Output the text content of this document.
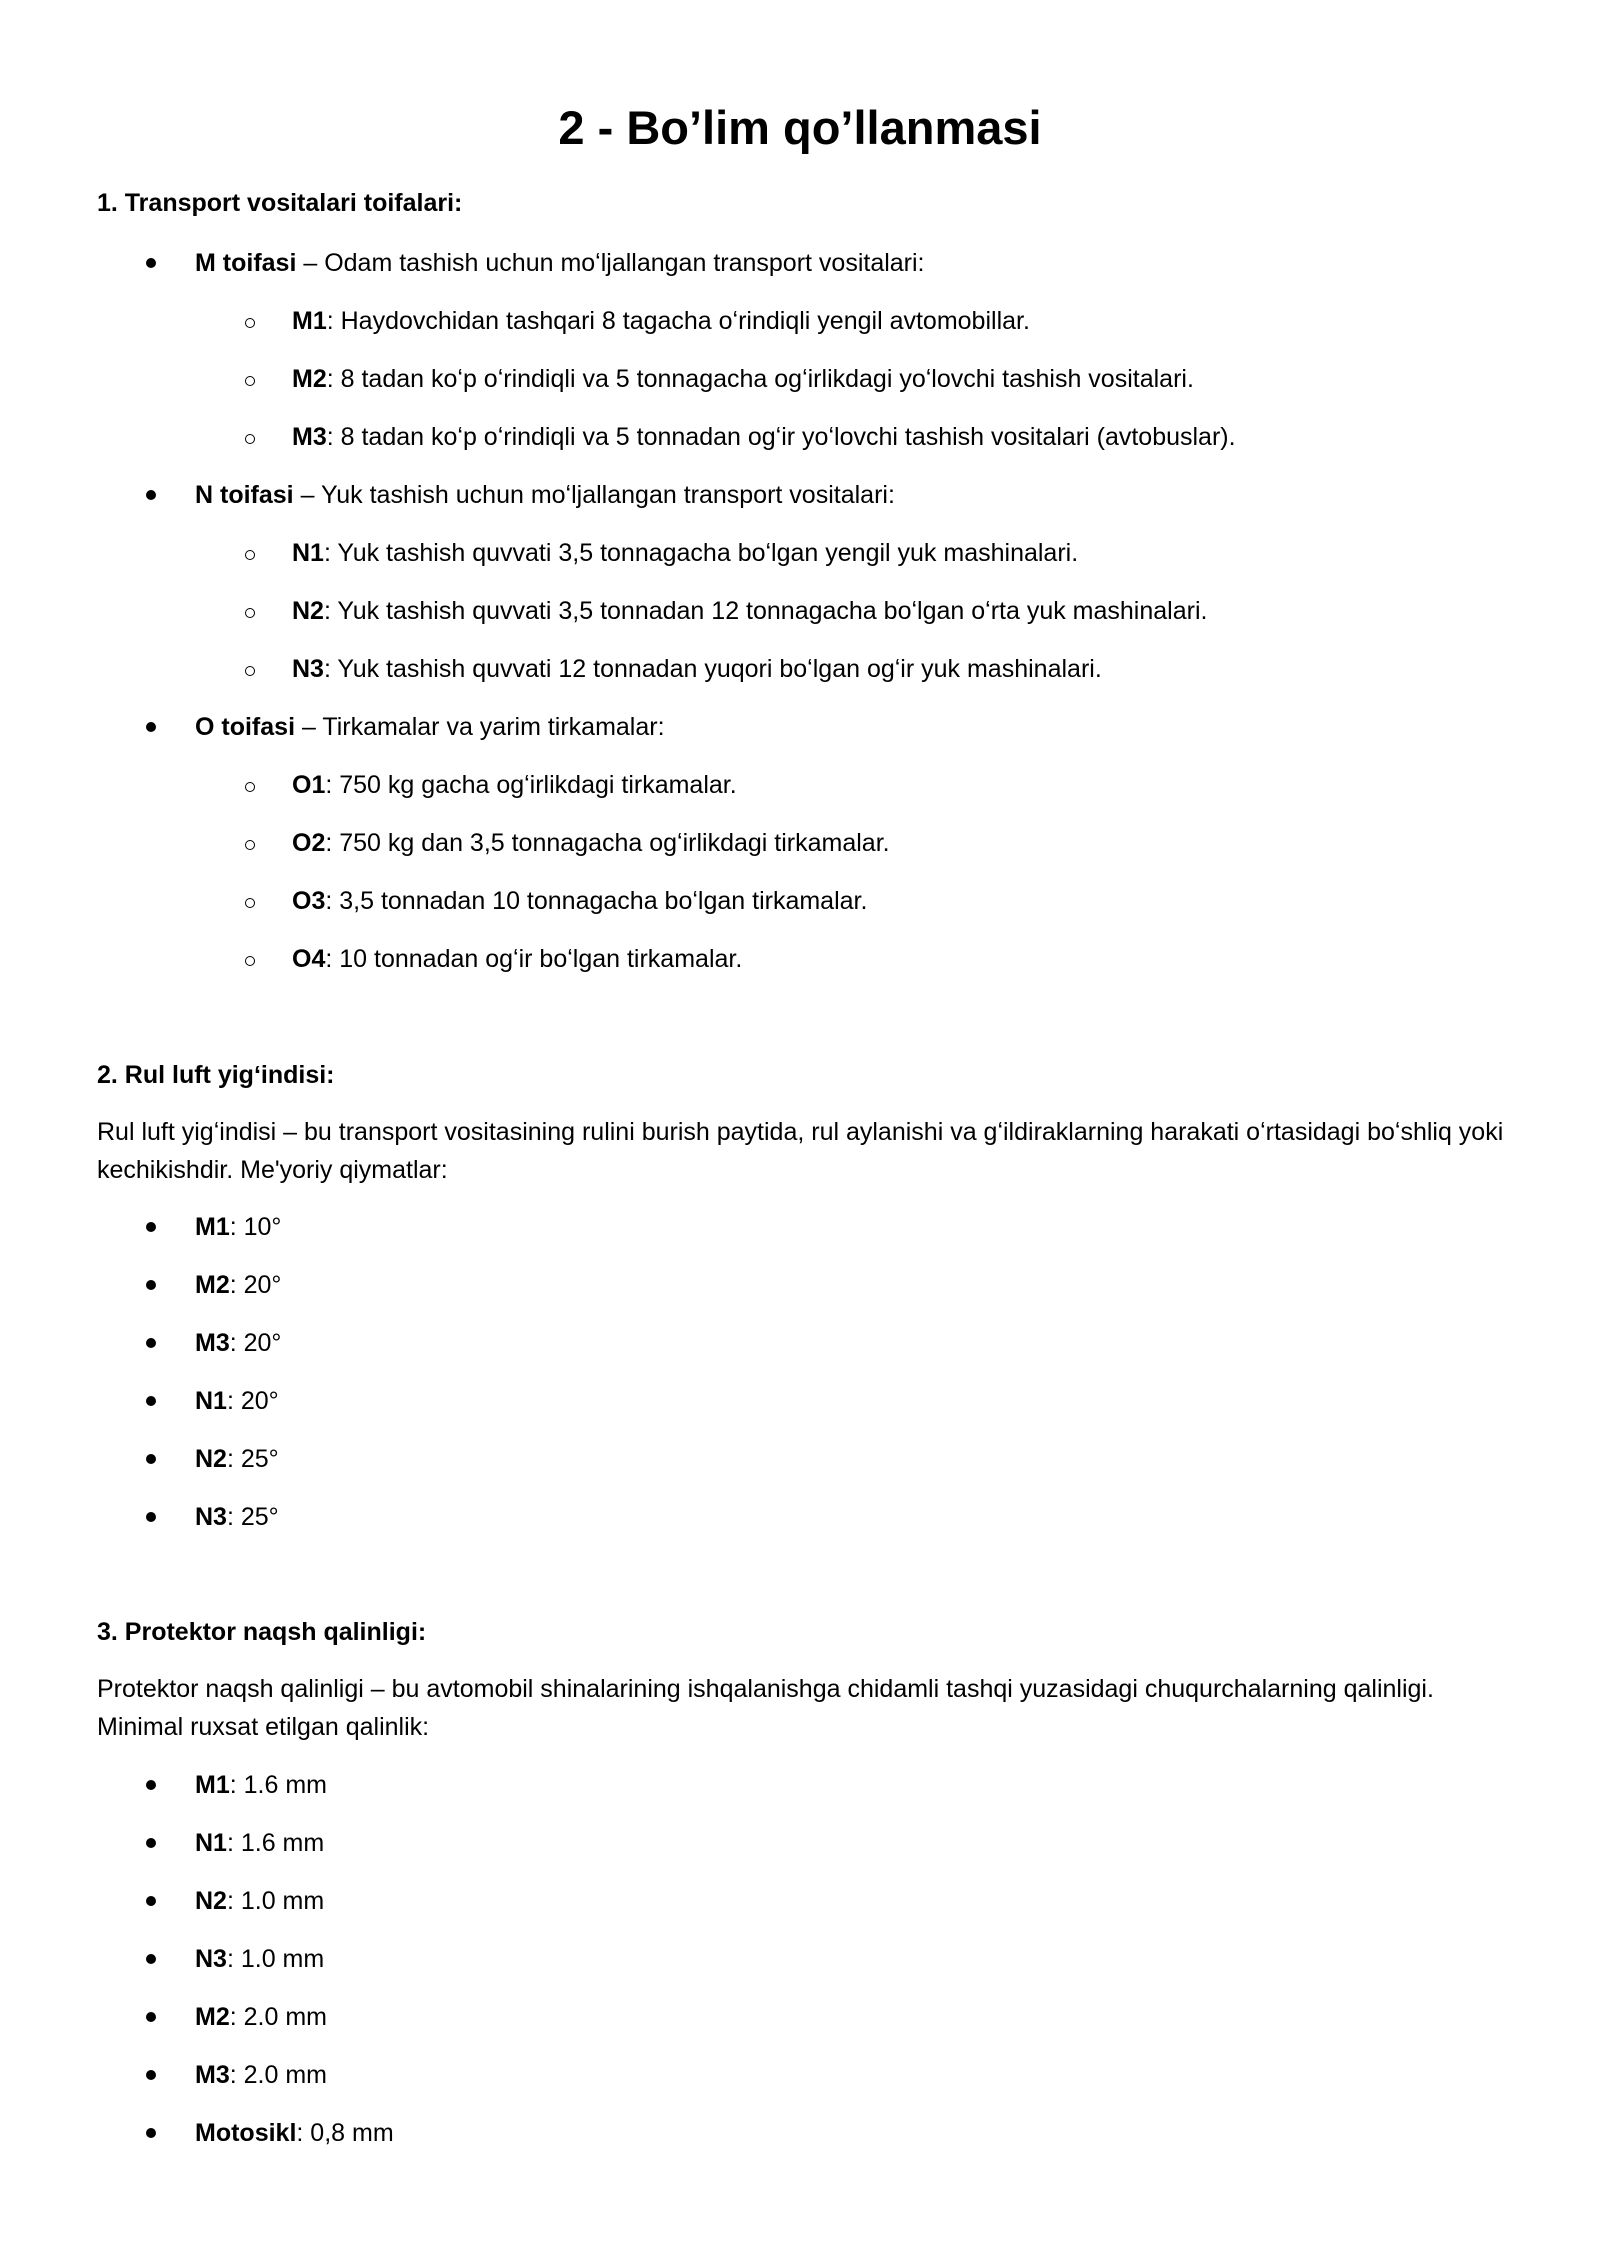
2 - Bo’lim qo’llanmasi
1. Transport vositalari toifalari:
M toifasi – Odam tashish uchun moʻljallangan transport vositalari:
M1: Haydovchidan tashqari 8 tagacha oʻrindiqli yengil avtomobillar.
M2: 8 tadan koʻp oʻrindiqli va 5 tonnagacha ogʻirlikdagi yoʻlovchi tashish vositalari.
M3: 8 tadan koʻp oʻrindiqli va 5 tonnadan ogʻir yoʻlovchi tashish vositalari (avtobuslar).
N toifasi – Yuk tashish uchun moʻljallangan transport vositalari:
N1: Yuk tashish quvvati 3,5 tonnagacha boʻlgan yengil yuk mashinalari.
N2: Yuk tashish quvvati 3,5 tonnadan 12 tonnagacha boʻlgan oʻrta yuk mashinalari.
N3: Yuk tashish quvvati 12 tonnadan yuqori boʻlgan ogʻir yuk mashinalari.
O toifasi – Tirkamalar va yarim tirkamalar:
O1: 750 kg gacha ogʻirlikdagi tirkamalar.
O2: 750 kg dan 3,5 tonnagacha ogʻirlikdagi tirkamalar.
O3: 3,5 tonnadan 10 tonnagacha boʻlgan tirkamalar.
O4: 10 tonnadan ogʻir boʻlgan tirkamalar.
2. Rul luft yigʻindisi:

Rul luft yigʻindisi – bu transport vositasining rulini burish paytida, rul aylanishi va gʻildiraklarning harakati oʻrtasidagi boʻshliq yoki kechikishdir. Me'yoriy qiymatlar:

M1: 10°
M2: 20°
M3: 20°
N1: 20°
N2: 25°
N3: 25°
3. Protektor naqsh qalinligi:

Protektor naqsh qalinligi – bu avtomobil shinalarining ishqalanishga chidamli tashqi yuzasidagi chuqurchalarning qalinligi. Minimal ruxsat etilgan qalinlik:

M1: 1.6 mm
N1: 1.6 mm
N2: 1.0 mm
N3: 1.0 mm
M2: 2.0 mm
M3: 2.0 mm
Motosikl: 0,8 mm
